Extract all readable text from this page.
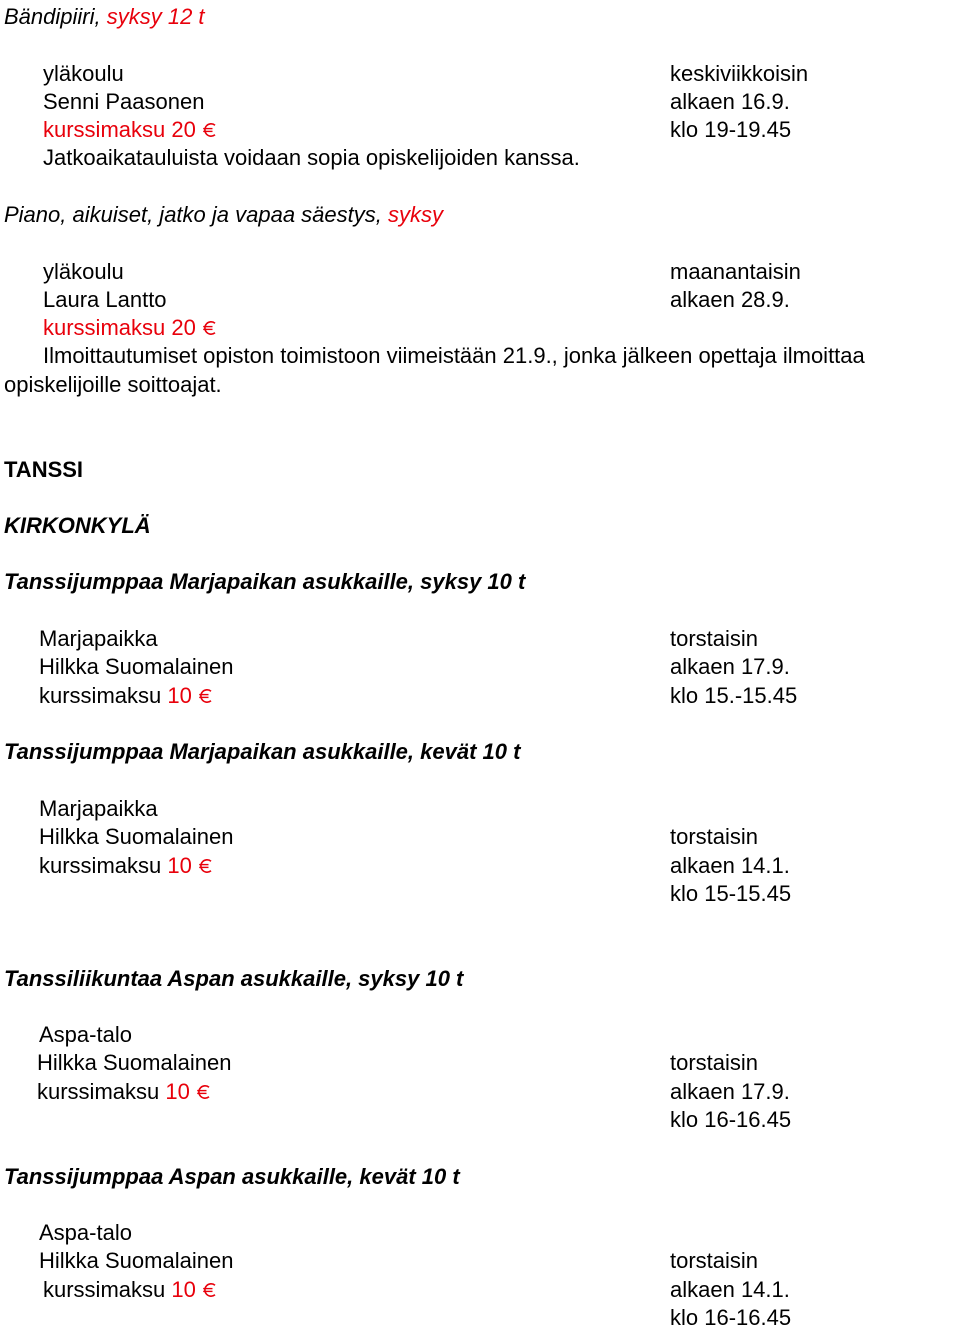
Bändipiiri, syksy 12 t
yläkoulu	keskiviikkoisin
Senni Paasonen	alkaen 16.9.
kurssimaksu 20	klo 19-19.45
Jatkoaikatauluista voidaan sopia opiskelijoiden kanssa.
Piano, aikuiset, jatko ja vapaa säestys, syksy
yläkoulu	maanantaisin
Laura Lantto	alkaen 28.9.
kurssimaksu 20
Ilmoittautumiset opiston toimistoon viimeistään 21.9., jonka jälkeen opettaja ilmoittaa
opiskelijoille soittoajat.
TANSSI
KIRKONKYLÄ
Tanssijumppaa Marjapaikan asukkaille, syksy 10 t
Marjapaikka	torstaisin
Hilkka Suomalainen	alkaen 17.9.
kurssimaksu 10	klo 15.-15.45
Tanssijumppaa Marjapaikan asukkaille, kevät 10 t
Marjapaikka
Hilkka Suomalainen	torstaisin
kurssimaksu 10	alkaen 14.1.
klo 15-15.45
Tanssiliikuntaa Aspan asukkaille, syksy 10 t
Aspa-talo
Hilkka Suomalainen	torstaisin
kurssimaksu 10	alkaen 17.9.
klo 16-16.45
Tanssijumppaa Aspan asukkaille, kevät 10 t
Aspa-talo
Hilkka Suomalainen	torstaisin
kurssimaksu 10	alkaen 14.1.
klo 16-16.45
